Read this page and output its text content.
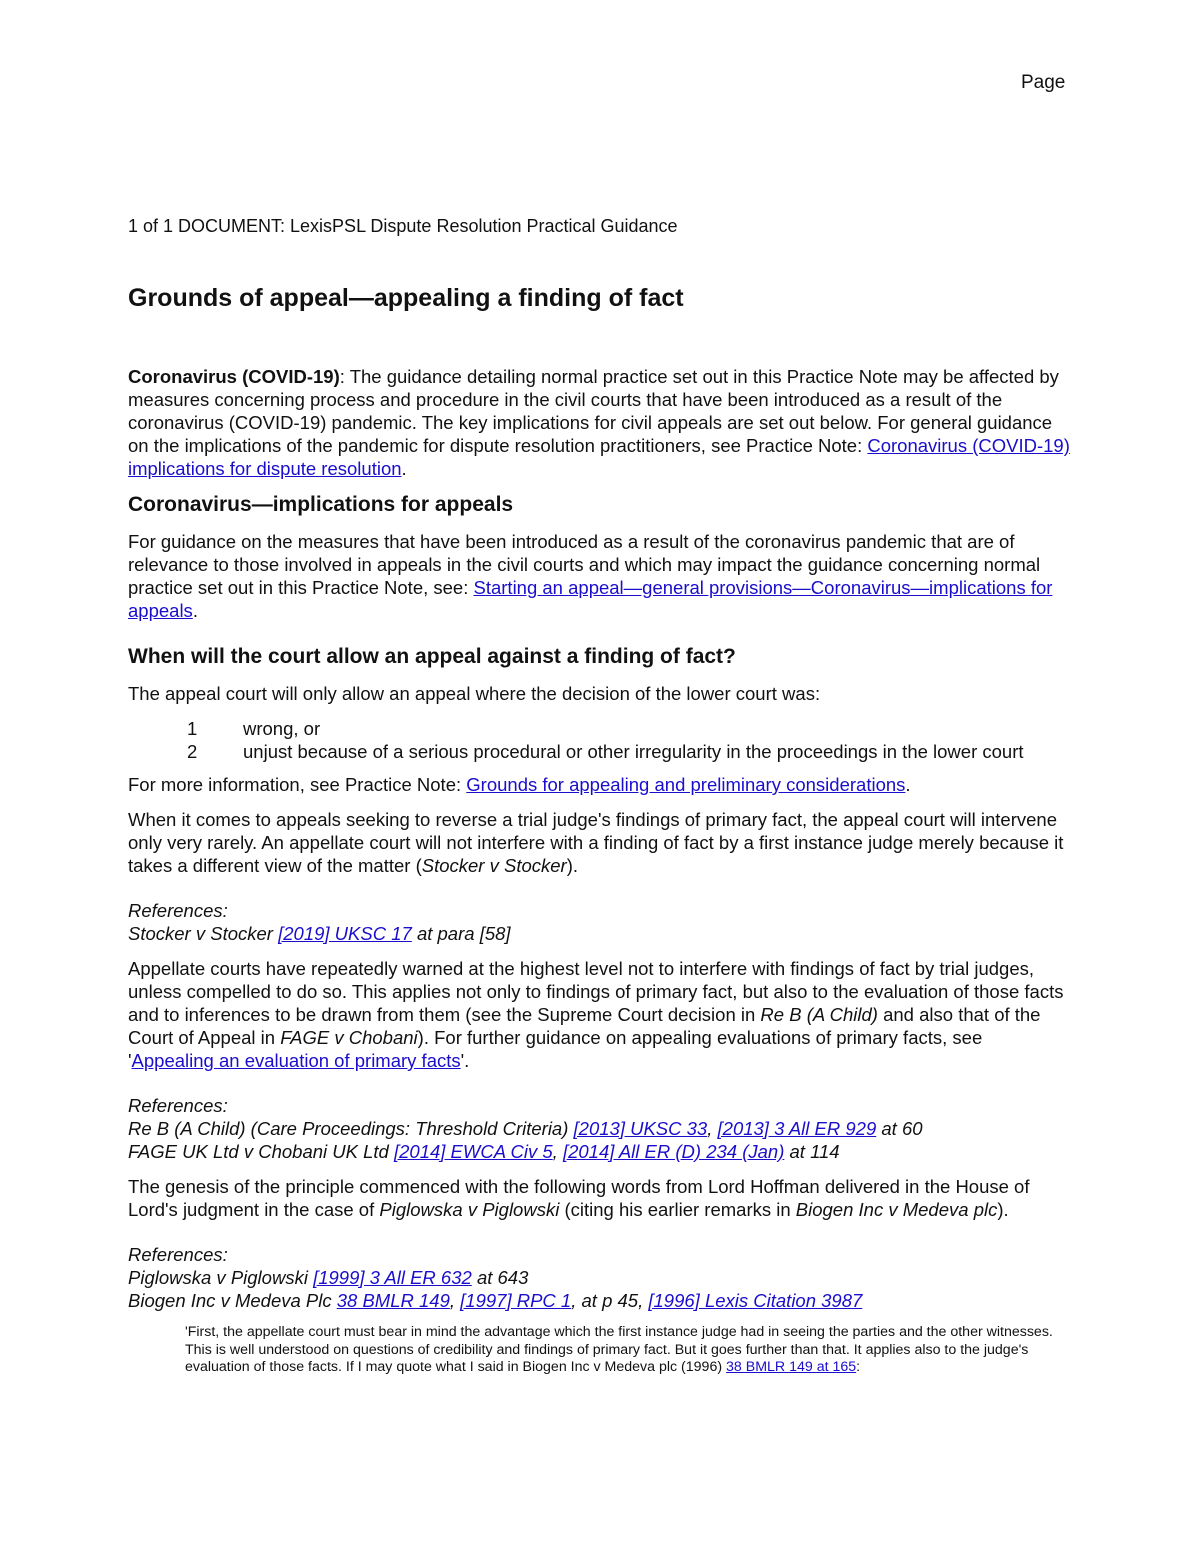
Page
1 of 1 DOCUMENT: LexisPSL Dispute Resolution Practical Guidance
Grounds of appeal—appealing a finding of fact

Coronavirus (COVID-19): The guidance detailing normal practice set out in this Practice Note may be affected by measures concerning process and procedure in the civil courts that have been introduced as a result of the coronavirus (COVID-19) pandemic. The key implications for civil appeals are set out below. For general guidance on the implications of the pandemic for dispute resolution practitioners, see Practice Note: Coronavirus (COVID-19) implications for dispute resolution.

Coronavirus—implications for appeals

For guidance on the measures that have been introduced as a result of the coronavirus pandemic that are of relevance to those involved in appeals in the civil courts and which may impact the guidance concerning normal practice set out in this Practice Note, see: Starting an appeal—general provisions—Coronavirus—implications for appeals.

When will the court allow an appeal against a finding of fact?

The appeal court will only allow an appeal where the decision of the lower court was:

1	wrong, or
2	unjust because of a serious procedural or other irregularity in the proceedings in the lower court

For more information, see Practice Note: Grounds for appealing and preliminary considerations.

When it comes to appeals seeking to reverse a trial judge's findings of primary fact, the appeal court will intervene only very rarely. An appellate court will not interfere with a finding of fact by a first instance judge merely because it takes a different view of the matter (Stocker v Stocker).

References:
Stocker v Stocker [2019] UKSC 17 at para [58]

Appellate courts have repeatedly warned at the highest level not to interfere with findings of fact by trial judges, unless compelled to do so. This applies not only to findings of primary fact, but also to the evaluation of those facts and to inferences to be drawn from them (see the Supreme Court decision in Re B (A Child) and also that of the Court of Appeal in FAGE v Chobani). For further guidance on appealing evaluations of primary facts, see 'Appealing an evaluation of primary facts'.

References:
Re B (A Child) (Care Proceedings: Threshold Criteria) [2013] UKSC 33, [2013] 3 All ER 929 at 60
FAGE UK Ltd v Chobani UK Ltd [2014] EWCA Civ 5, [2014] All ER (D) 234 (Jan) at 114

The genesis of the principle commenced with the following words from Lord Hoffman delivered in the House of Lord's judgment in the case of Piglowska v Piglowski (citing his earlier remarks in Biogen Inc v Medeva plc).

References:
Piglowska v Piglowski [1999] 3 All ER 632 at 643
Biogen Inc v Medeva Plc 38 BMLR 149, [1997] RPC 1, at p 45, [1996] Lexis Citation 3987
'First, the appellate court must bear in mind the advantage which the first instance judge had in seeing the parties and the other witnesses. This is well understood on questions of credibility and findings of primary fact. But it goes further than that. It applies also to the judge's evaluation of those facts. If I may quote what I said in Biogen Inc v Medeva plc (1996) 38 BMLR 149 at 165:
